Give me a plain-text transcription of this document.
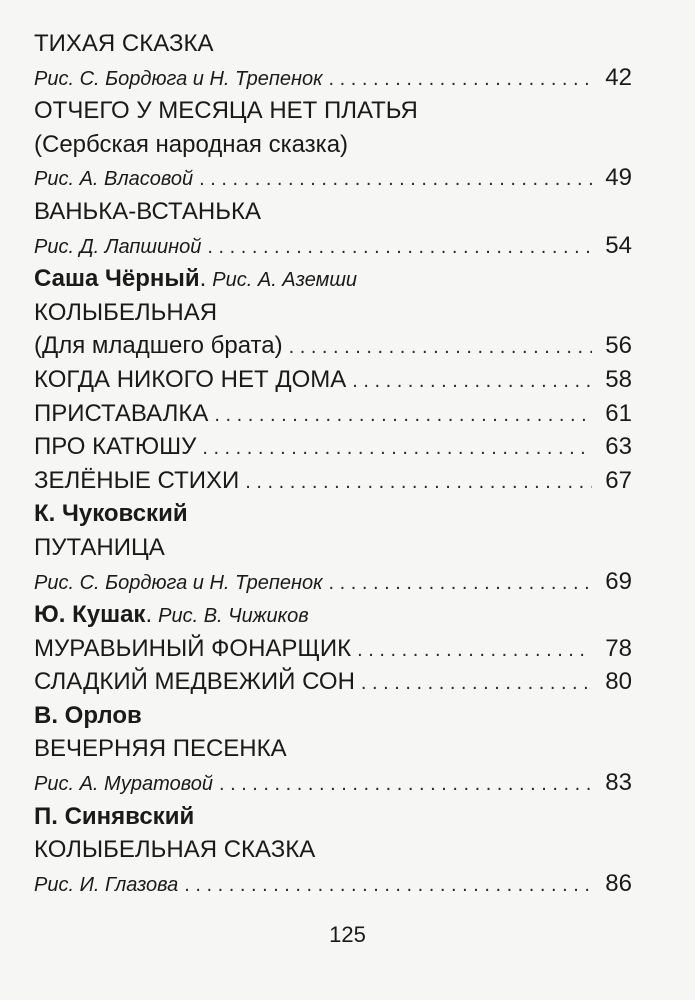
ТИХАЯ СКАЗКА
Рис. С. Бордюга и Н. Трепенок . . .	42
ОТЧЕГО У МЕСЯЦА НЕТ ПЛАТЬЯ
(Сербская народная сказка)
Рис. А. Власовой . . .	49
ВАНЬКА-ВСТАНЬКА
Рис. Д. Лапшиной . . .	54
Саша Чёрный . Рис. А. Аземши
КОЛЫБЕЛЬНАЯ
(Для младшего брата) . . .	56
КОГДА НИКОГО НЕТ ДОМА . . .	58
ПРИСТАВАЛКА . . .	61
ПРО КАТЮШУ . . .	63
ЗЕЛЁНЫЕ СТИХИ . . .	67
К. Чуковский
ПУТАНИЦА
Рис. С. Бордюга и Н. Трепенок . . .	69
Ю. Кушак . Рис. В. Чижиков
МУРАВЬИНЫЙ ФОНАРЩИК . . .	78
СЛАДКИЙ МЕДВЕЖИЙ СОН . . .	80
В. Орлов
ВЕЧЕРНЯЯ ПЕСЕНКА
Рис. А. Муратовой . . .	83
П. Синявский
КОЛЫБЕЛЬНАЯ СКАЗКА
Рис. И. Глазова . . .	86
125
